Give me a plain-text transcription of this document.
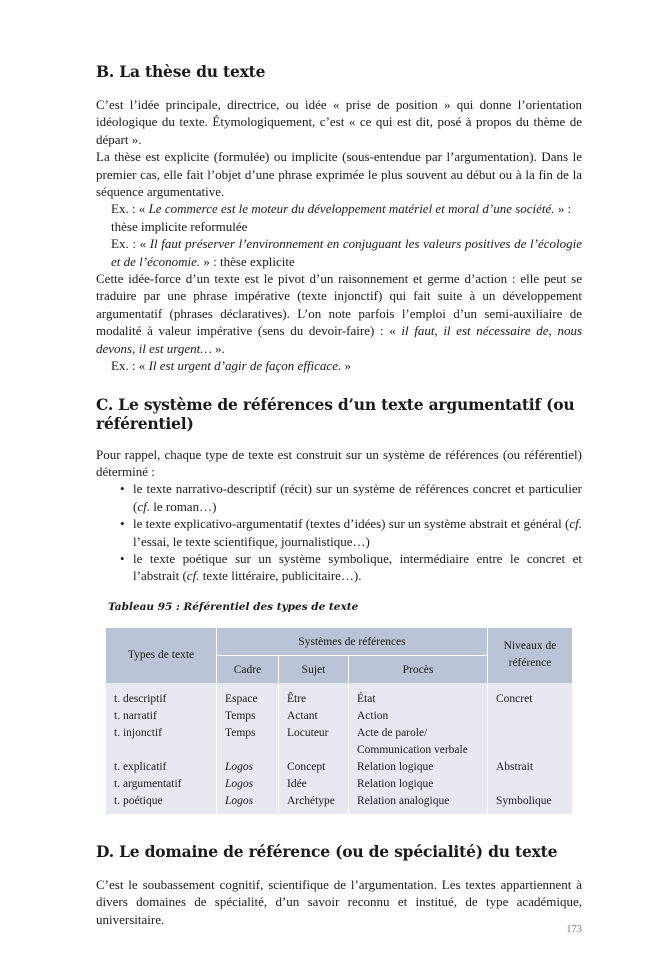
B. La thèse du texte

C’est l’idée principale, directrice, ou idée « prise de position » qui donne l’orientation idéologique du texte. Étymologiquement, c’est « ce qui est dit, posé à propos du thème de départ ».

La thèse est explicite (formulée) ou implicite (sous-entendue par l’argumentation). Dans le premier cas, elle fait l’objet d’une phrase exprimée le plus souvent au début ou à la fin de la séquence argumentative.

Ex. : « Le commerce est le moteur du développement matériel et moral d’une société. » :
thèse implicite reformulée

Ex. : « Il faut préserver l’environnement en conjuguant les valeurs positives de l’écologie et de l’économie. » : thèse explicite

Cette idée-force d’un texte est le pivot d’un raisonnement et germe d’action : elle peut se traduire par une phrase impérative (texte injonctif) qui fait suite à un développement argumentatif (phrases déclaratives). L’on note parfois l’emploi d’un semi-auxiliaire de modalité à valeur impérative (sens du devoir-faire) : « il faut, il est nécessaire de, nous devons, il est urgent… ».

Ex. : « Il est urgent d’agir de façon efficace. »

C. Le système de références d’un texte argumentatif (ou référentiel)

Pour rappel, chaque type de texte est construit sur un système de références (ou référentiel) déterminé :

• le texte narrativo-descriptif (récit) sur un système de références concret et particulier (cf. le roman…)
• le texte explicativo-argumentatif (textes d’idées) sur un système abstrait et général (cf. l’essai, le texte scientifique, journalistique…)
• le texte poétique sur un système symbolique, intermédiaire entre le concret et l’abstrait (cf. texte littéraire, publicitaire…).
Tableau 95 : Référentiel des types de texte
Types de texte	Systèmes de références			Niveaux de référence
	Cadre	Sujet	Procès	
t. descriptif	Espace	Être	État	Concret
t. narratif	Temps	Actant	Action	
t. injonctif	Temps	Locuteur	Acte de parole/	
			Communication verbale	
t. explicatif	Logos	Concept	Relation logique	Abstrait
t. argumentatif	Logos	Idée	Relation logique	
t. poétique	Logos	Archétype	Relation analogique	Symbolique
D. Le domaine de référence (ou de spécialité) du texte

C’est le soubassement cognitif, scientifique de l’argumentation. Les textes appartiennent à divers domaines de spécialité, d’un savoir reconnu et institué, de type académique, universitaire.

173
